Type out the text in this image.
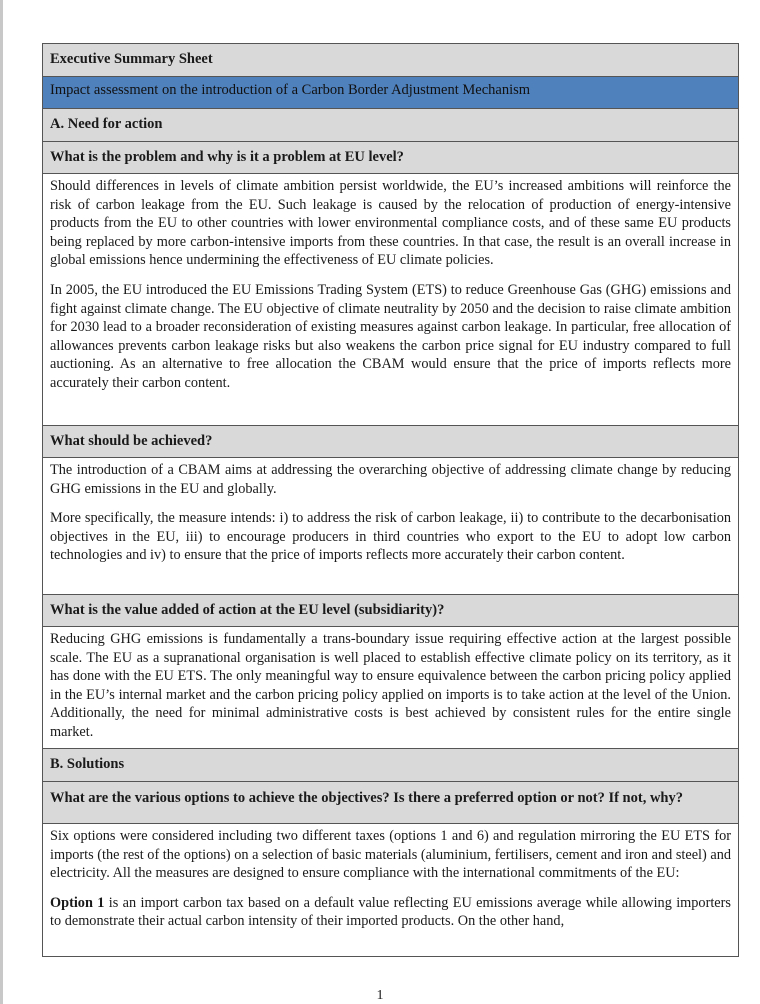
Executive Summary Sheet
Impact assessment on the introduction of a Carbon Border Adjustment Mechanism
A. Need for action
What is the problem and why is it a problem at EU level?

Should differences in levels of climate ambition persist worldwide, the EU’s increased ambitions will reinforce the risk of carbon leakage from the EU. Such leakage is caused by the relocation of production of energy-intensive products from the EU to other countries with lower environmental compliance costs, and of these same EU products being replaced by more carbon-intensive imports from these countries. In that case, the result is an overall increase in global emissions hence undermining the effectiveness of EU climate policies.

In 2005, the EU introduced the EU Emissions Trading System (ETS) to reduce Greenhouse Gas (GHG) emissions and fight against climate change. The EU objective of climate neutrality by 2050 and the decision to raise climate ambition for 2030 lead to a broader reconsideration of existing measures against carbon leakage. In particular, free allocation of allowances prevents carbon leakage risks but also weakens the carbon price signal for EU industry compared to full auctioning. As an alternative to free allocation the CBAM would ensure that the price of imports reflects more accurately their carbon content.

What should be achieved?

The introduction of a CBAM aims at addressing the overarching objective of addressing climate change by reducing GHG emissions in the EU and globally.

More specifically, the measure intends: i) to address the risk of carbon leakage, ii) to contribute to the decarbonisation objectives in the EU, iii) to encourage producers in third countries who export to the EU to adopt low carbon technologies and iv) to ensure that the price of imports reflects more accurately their carbon content.

What is the value added of action at the EU level (subsidiarity)?

Reducing GHG emissions is fundamentally a trans-boundary issue requiring effective action at the largest possible scale. The EU as a supranational organisation is well placed to establish effective climate policy on its territory, as it has done with the EU ETS. The only meaningful way to ensure equivalence between the carbon pricing policy applied in the EU’s internal market and the carbon pricing policy applied on imports is to take action at the level of the Union. Additionally, the need for minimal administrative costs is best achieved by consistent rules for the entire single market.

B. Solutions
What are the various options to achieve the objectives? Is there a preferred option or not? If not, why?

Six options were considered including two different taxes (options 1 and 6) and regulation mirroring the EU ETS for imports (the rest of the options) on a selection of basic materials (aluminium, fertilisers, cement and iron and steel) and electricity. All the measures are designed to ensure compliance with the international commitments of the EU:

Option 1 is an import carbon tax based on a default value reflecting EU emissions average while allowing importers to demonstrate their actual carbon intensity of their imported products. On the other hand,

1
